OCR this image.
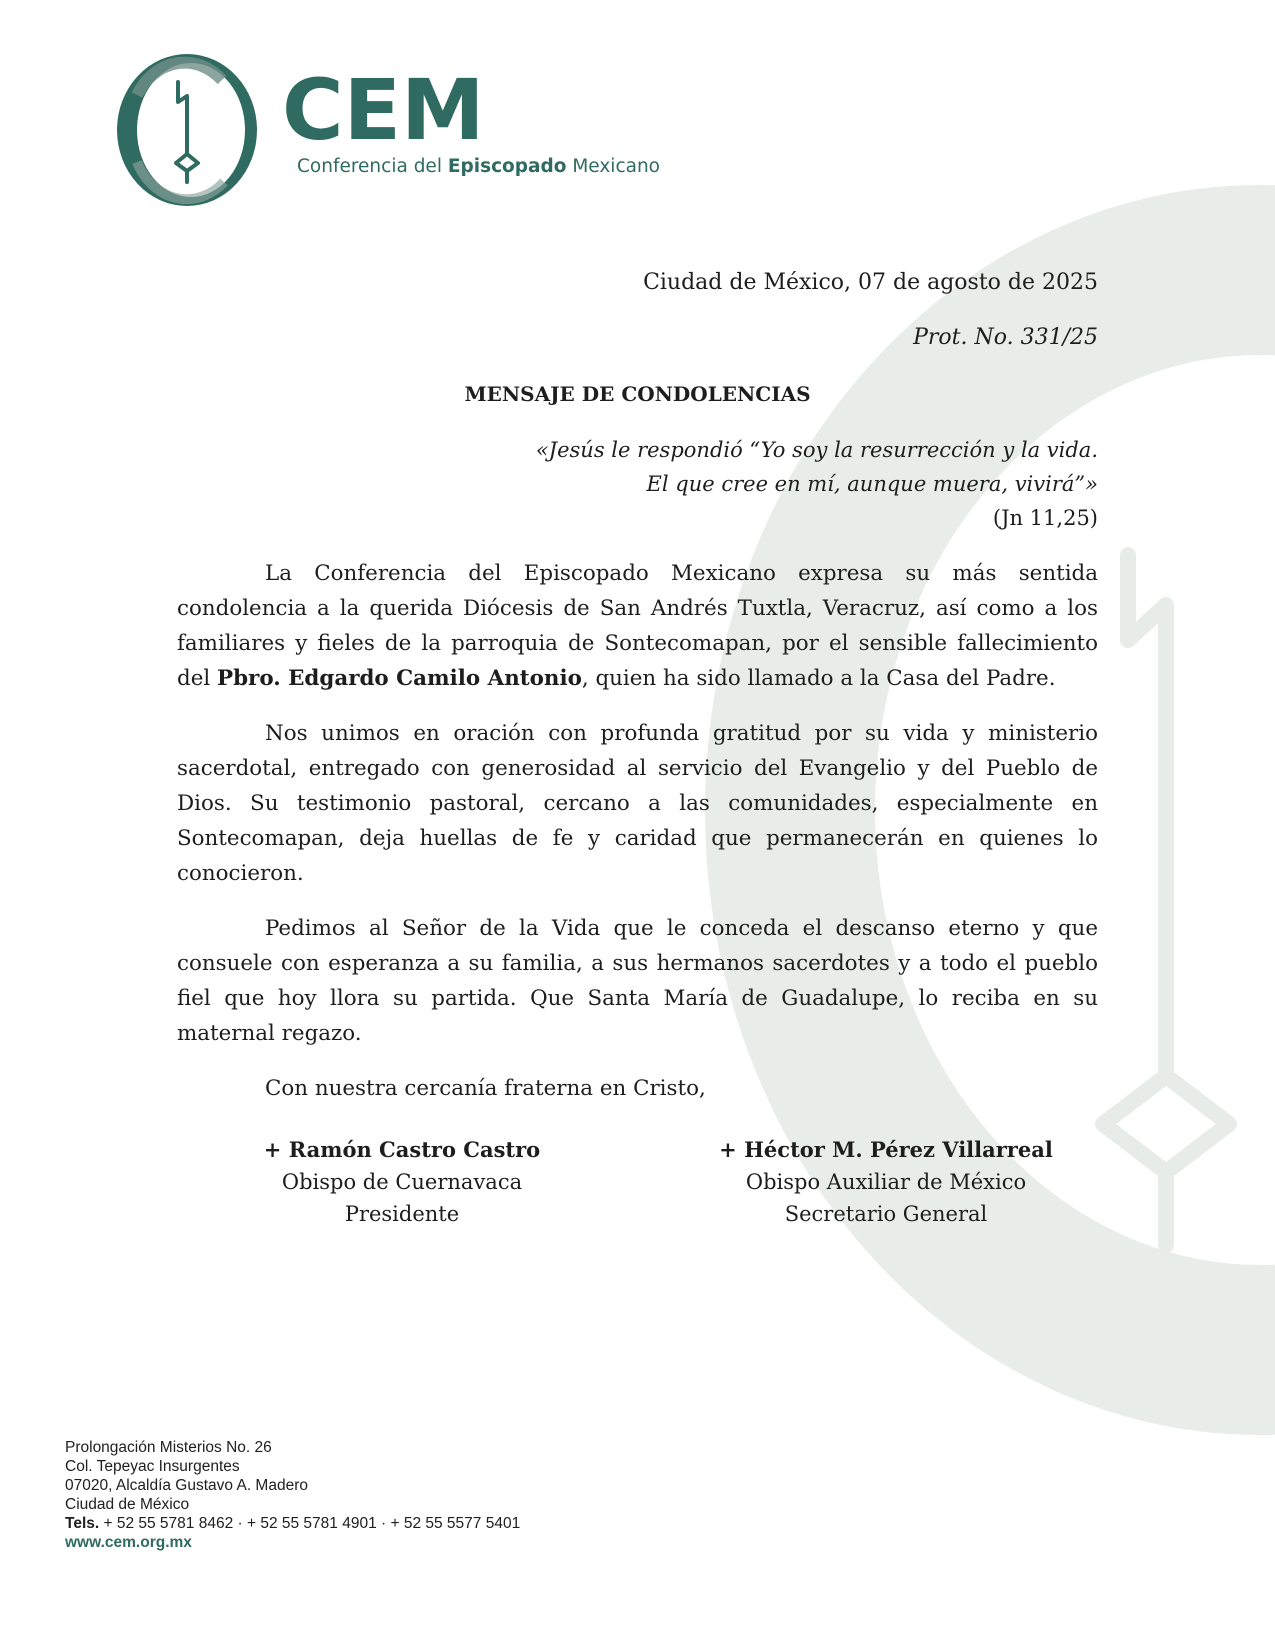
CEM
Conferencia del Episcopado Mexicano

Ciudad de México, 07 de agosto de 2025

Prot. No. 331/25

MENSAJE DE CONDOLENCIAS
«Jesús le respondió “Yo soy la resurrección y la vida.
El que cree en mí, aunque muera, vivirá”»
(Jn 11,25)

La Conferencia del Episcopado Mexicano expresa su más sentida condolencia a la querida Diócesis de San Andrés Tuxtla, Veracruz, así como a los familiares y fieles de la parroquia de Sontecomapan, por el sensible fallecimiento del Pbro. Edgardo Camilo Antonio, quien ha sido llamado a la Casa del Padre.

Nos unimos en oración con profunda gratitud por su vida y ministerio sacerdotal, entregado con generosidad al servicio del Evangelio y del Pueblo de Dios. Su testimonio pastoral, cercano a las comunidades, especialmente en Sontecomapan, deja huellas de fe y caridad que permanecerán en quienes lo conocieron.

Pedimos al Señor de la Vida que le conceda el descanso eterno y que consuele con esperanza a su familia, a sus hermanos sacerdotes y a todo el pueblo fiel que hoy llora su partida. Que Santa María de Guadalupe, lo reciba en su maternal regazo.

Con nuestra cercanía fraterna en Cristo,

+ Ramón Castro Castro
Obispo de Cuernavaca
Presidente
+ Héctor M. Pérez Villarreal
Obispo Auxiliar de México
Secretario General
Prolongación Misterios No. 26
Col. Tepeyac Insurgentes
07020, Alcaldía Gustavo A. Madero
Ciudad de México
Tels. + 52 55 5781 8462 · + 52 55 5781 4901 · + 52 55 5577 5401
www.cem.org.mx
